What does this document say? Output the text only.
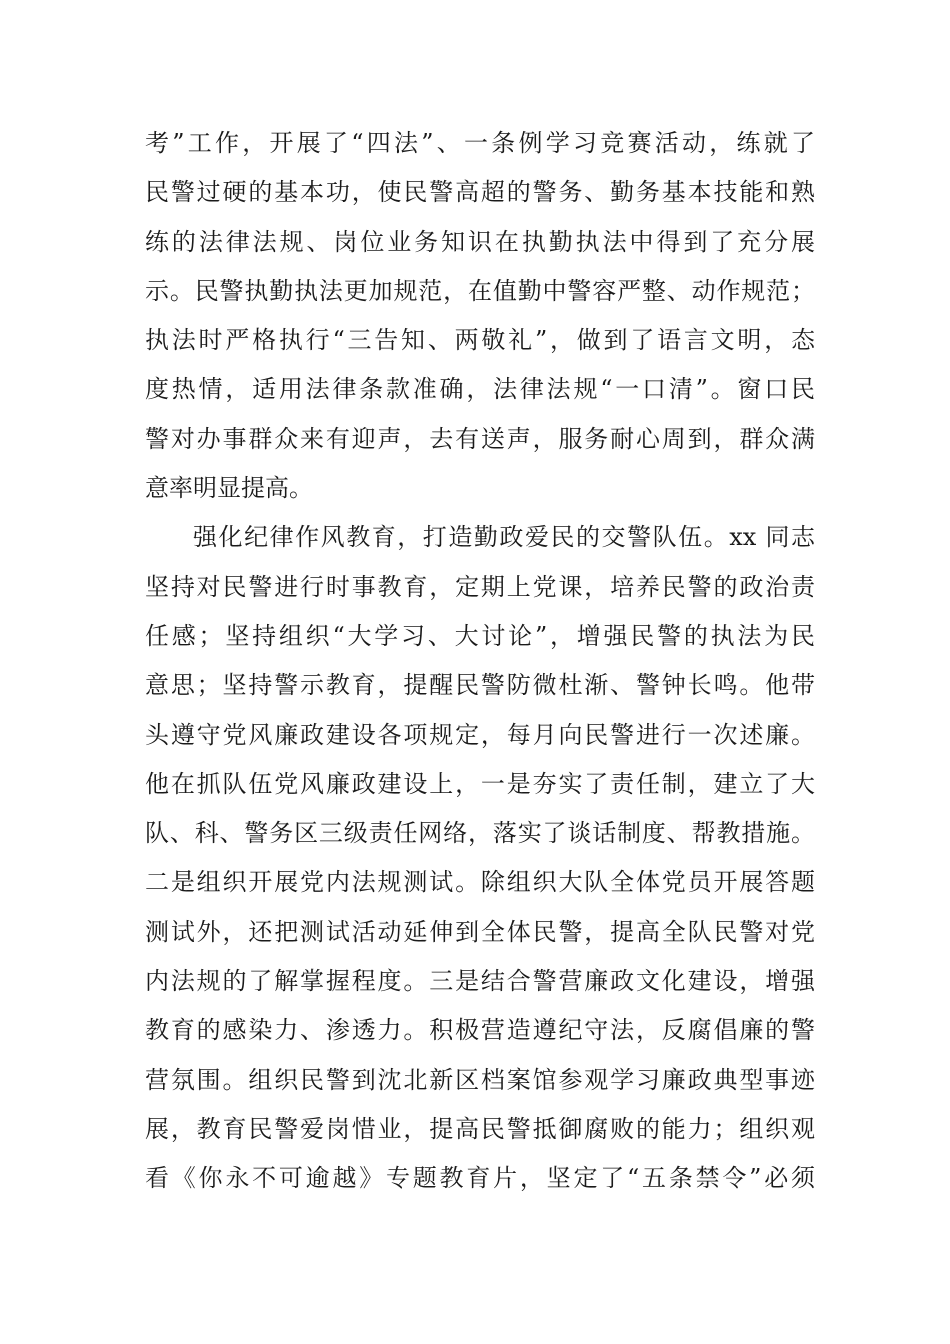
考”工作，开展了“四法”、一条例学习竞赛活动，练就了
民警过硬的基本功，使民警高超的警务、勤务基本技能和熟
练的法律法规、岗位业务知识在执勤执法中得到了充分展
示。民警执勤执法更加规范，在值勤中警容严整、动作规范；
执法时严格执行“三告知、两敬礼”，做到了语言文明，态
度热情，适用法律条款准确，法律法规“一口清”。窗口民
警对办事群众来有迎声，去有送声，服务耐心周到，群众满
意率明显提高。
强化纪律作风教育，打造勤政爱民的交警队伍。xx 同志
坚持对民警进行时事教育，定期上党课，培养民警的政治责
任感；坚持组织“大学习、大讨论”，增强民警的执法为民
意思；坚持警示教育，提醒民警防微杜渐、警钟长鸣。他带
头遵守党风廉政建设各项规定，每月向民警进行一次述廉。
他在抓队伍党风廉政建设上，一是夯实了责任制，建立了大
队、科、警务区三级责任网络，落实了谈话制度、帮教措施。
二是组织开展党内法规测试。除组织大队全体党员开展答题
测试外，还把测试活动延伸到全体民警，提高全队民警对党
内法规的了解掌握程度。三是结合警营廉政文化建设，增强
教育的感染力、渗透力。积极营造遵纪守法，反腐倡廉的警
营氛围。组织民警到沈北新区档案馆参观学习廉政典型事迹
展，教育民警爱岗惜业，提高民警抵御腐败的能力；组织观
看《你永不可逾越》专题教育片，坚定了“五条禁令”必须
